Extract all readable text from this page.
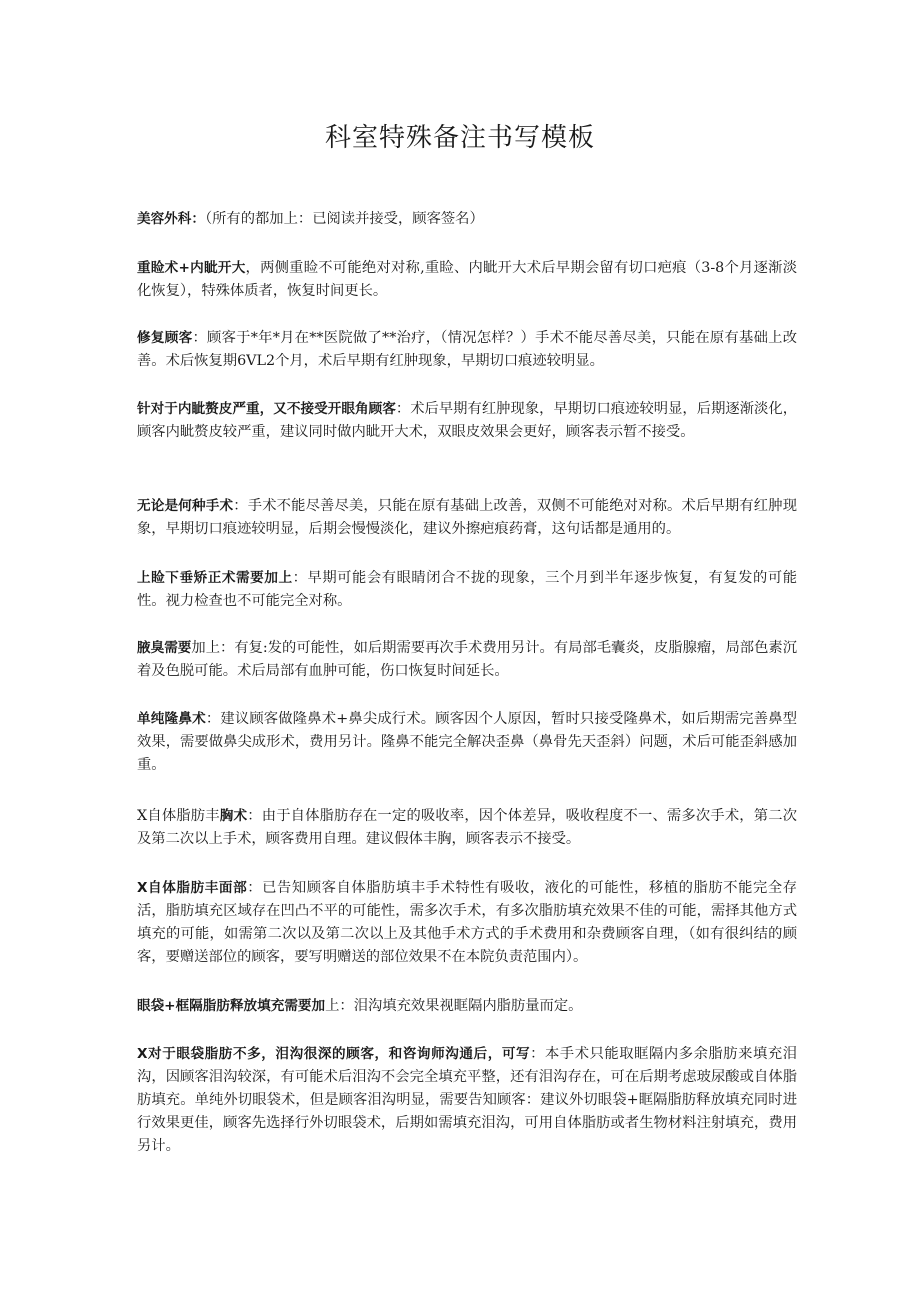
科室特殊备注书写模板

美容外科：（所有的都加上：已阅读并接受，顾客签名）

重睑术+内眦开大，两侧重睑不可能绝对对称,重睑、内眦开大术后早期会留有切口疤痕（3-8个月逐渐淡化恢复），特殊体质者，恢复时间更长。

修复顾客：顾客于*年*月在**医院做了**治疗，（情况怎样？）手术不能尽善尽美，只能在原有基础上改善。术后恢复期6VL2个月，术后早期有红肿现象，早期切口痕迹较明显。

针对于内眦赘皮严重，又不接受开眼角顾客：术后早期有红肿现象，早期切口痕迹较明显，后期逐渐淡化，顾客内眦赘皮较严重，建议同时做内眦开大术，双眼皮效果会更好，顾客表示暂不接受。

无论是何种手术：手术不能尽善尽美，只能在原有基础上改善，双侧不可能绝对对称。术后早期有红肿现象，早期切口痕迹较明显，后期会慢慢淡化，建议外擦疤痕药膏，这句话都是通用的。

上睑下垂矫正术需要加上：早期可能会有眼睛闭合不拢的现象，三个月到半年逐步恢复，有复发的可能性。视力检查也不可能完全对称。

腋臭需要加上：有复:发的可能性，如后期需要再次手术费用另计。有局部毛囊炎，皮脂腺瘤，局部色素沉着及色脱可能。术后局部有血肿可能，伤口恢复时间延长。

单纯隆鼻术：建议顾客做隆鼻术+鼻尖成行术。顾客因个人原因，暂时只接受隆鼻术，如后期需完善鼻型效果，需要做鼻尖成形术，费用另计。隆鼻不能完全解决歪鼻（鼻骨先天歪斜）问题，术后可能歪斜感加重。

X自体脂肪丰胸术：由于自体脂肪存在一定的吸收率，因个体差异，吸收程度不一、需多次手术，第二次及第二次以上手术，顾客费用自理。建议假体丰胸，顾客表示不接受。

X自体脂肪丰面部：已告知顾客自体脂肪填丰手术特性有吸收，液化的可能性，移植的脂肪不能完全存活，脂肪填充区域存在凹凸不平的可能性，需多次手术，有多次脂肪填充效果不佳的可能，需择其他方式填充的可能，如需第二次以及第二次以上及其他手术方式的手术费用和杂费顾客自理，（如有很纠结的顾客，要赠送部位的顾客，要写明赠送的部位效果不在本院负责范围内）。

眼袋+框隔脂肪释放填充需要加上：泪沟填充效果视眶隔内脂肪量而定。

X对于眼袋脂肪不多，泪沟很深的顾客，和咨询师沟通后，可写：本手术只能取眶隔内多余脂肪来填充泪沟，因顾客泪沟较深，有可能术后泪沟不会完全填充平整，还有泪沟存在，可在后期考虑玻尿酸或自体脂肪填充。单纯外切眼袋术，但是顾客泪沟明显，需要告知顾客：建议外切眼袋+眶隔脂肪释放填充同时进行效果更佳，顾客先选择行外切眼袋术，后期如需填充泪沟，可用自体脂肪或者生物材料注射填充，费用另计。
